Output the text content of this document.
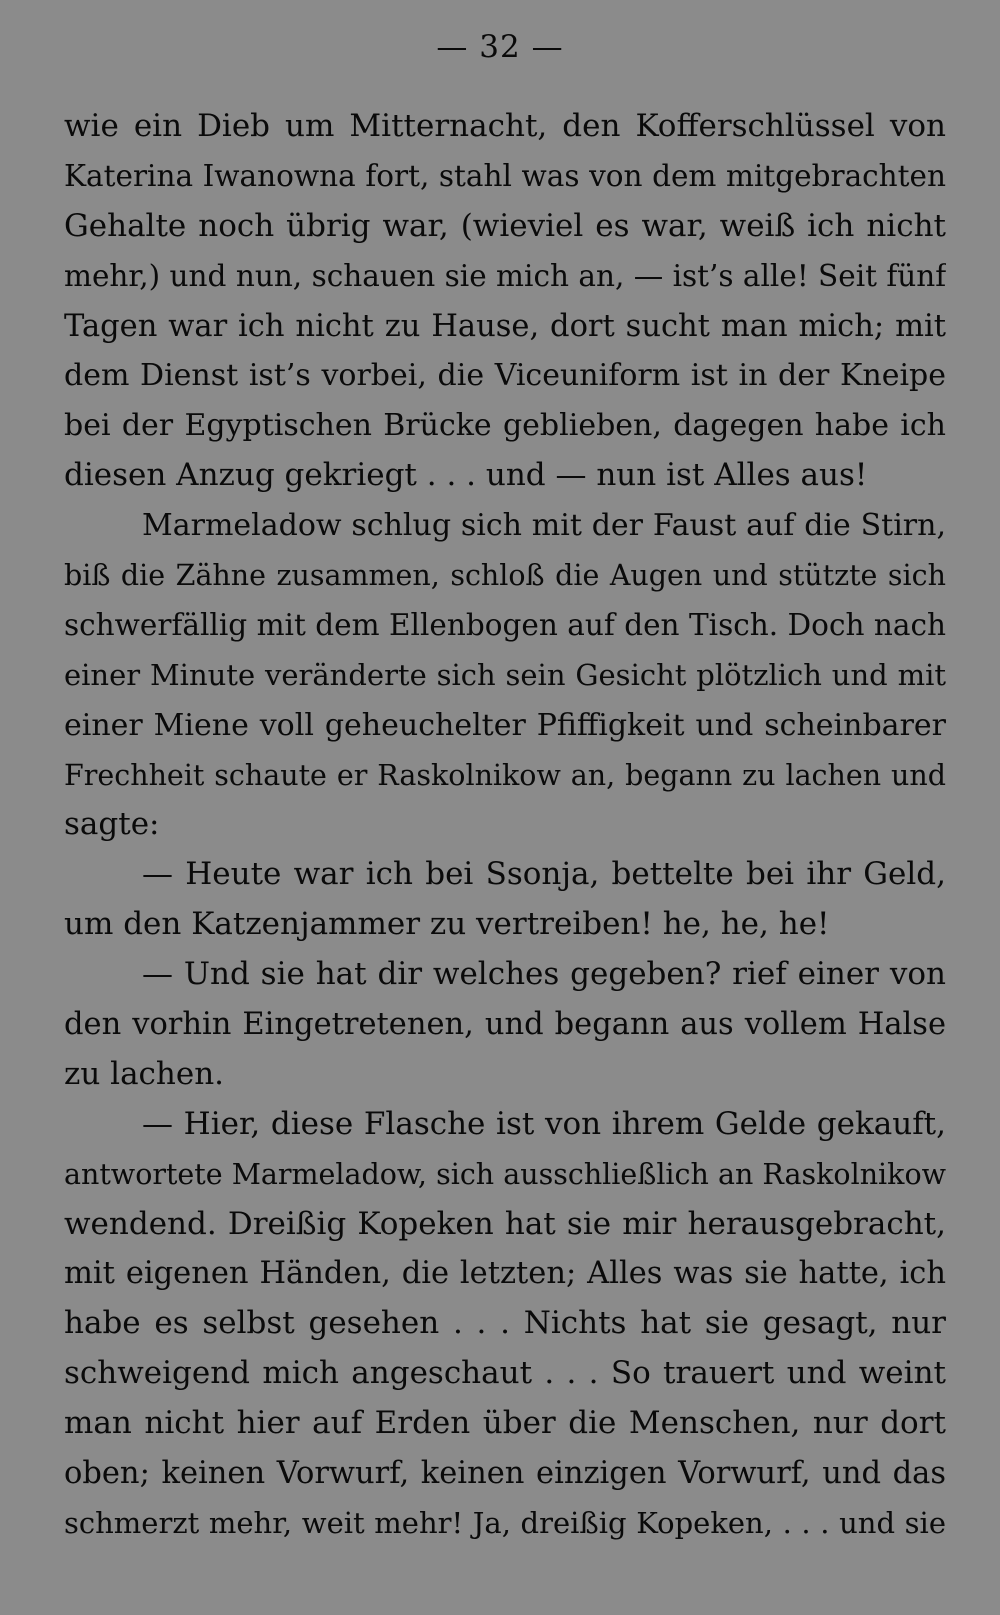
— 32 —
wie ein Dieb um Mitternacht, den Kofferschlüssel von
Katerina Iwanowna fort, stahl was von dem mitgebrachten
Gehalte noch übrig war, (wieviel es war, weiß ich nicht
mehr,) und nun, schauen sie mich an, — ist’s alle! Seit fünf
Tagen war ich nicht zu Hause, dort sucht man mich; mit
dem Dienst ist’s vorbei, die Viceuniform ist in der Kneipe
bei der Egyptischen Brücke geblieben, dagegen habe ich
diesen Anzug gekriegt . . . und — nun ist Alles aus!
Marmeladow schlug sich mit der Faust auf die Stirn,
biß die Zähne zusammen, schloß die Augen und stützte sich
schwerfällig mit dem Ellenbogen auf den Tisch. Doch nach
einer Minute veränderte sich sein Gesicht plötzlich und mit
einer Miene voll geheuchelter Pfiffigkeit und scheinbarer
Frechheit schaute er Raskolnikow an, begann zu lachen und
sagte:
— Heute war ich bei Ssonja, bettelte bei ihr Geld,
um den Katzenjammer zu vertreiben! he, he, he!
— Und sie hat dir welches gegeben? rief einer von
den vorhin Eingetretenen, und begann aus vollem Halse
zu lachen.
— Hier, diese Flasche ist von ihrem Gelde gekauft,
antwortete Marmeladow, sich ausschließlich an Raskolnikow
wendend. Dreißig Kopeken hat sie mir herausgebracht,
mit eigenen Händen, die letzten; Alles was sie hatte, ich
habe es selbst gesehen . . . Nichts hat sie gesagt, nur
schweigend mich angeschaut . . . So trauert und weint
man nicht hier auf Erden über die Menschen, nur dort
oben; keinen Vorwurf, keinen einzigen Vorwurf, und das
schmerzt mehr, weit mehr! Ja, dreißig Kopeken, . . . und sie
